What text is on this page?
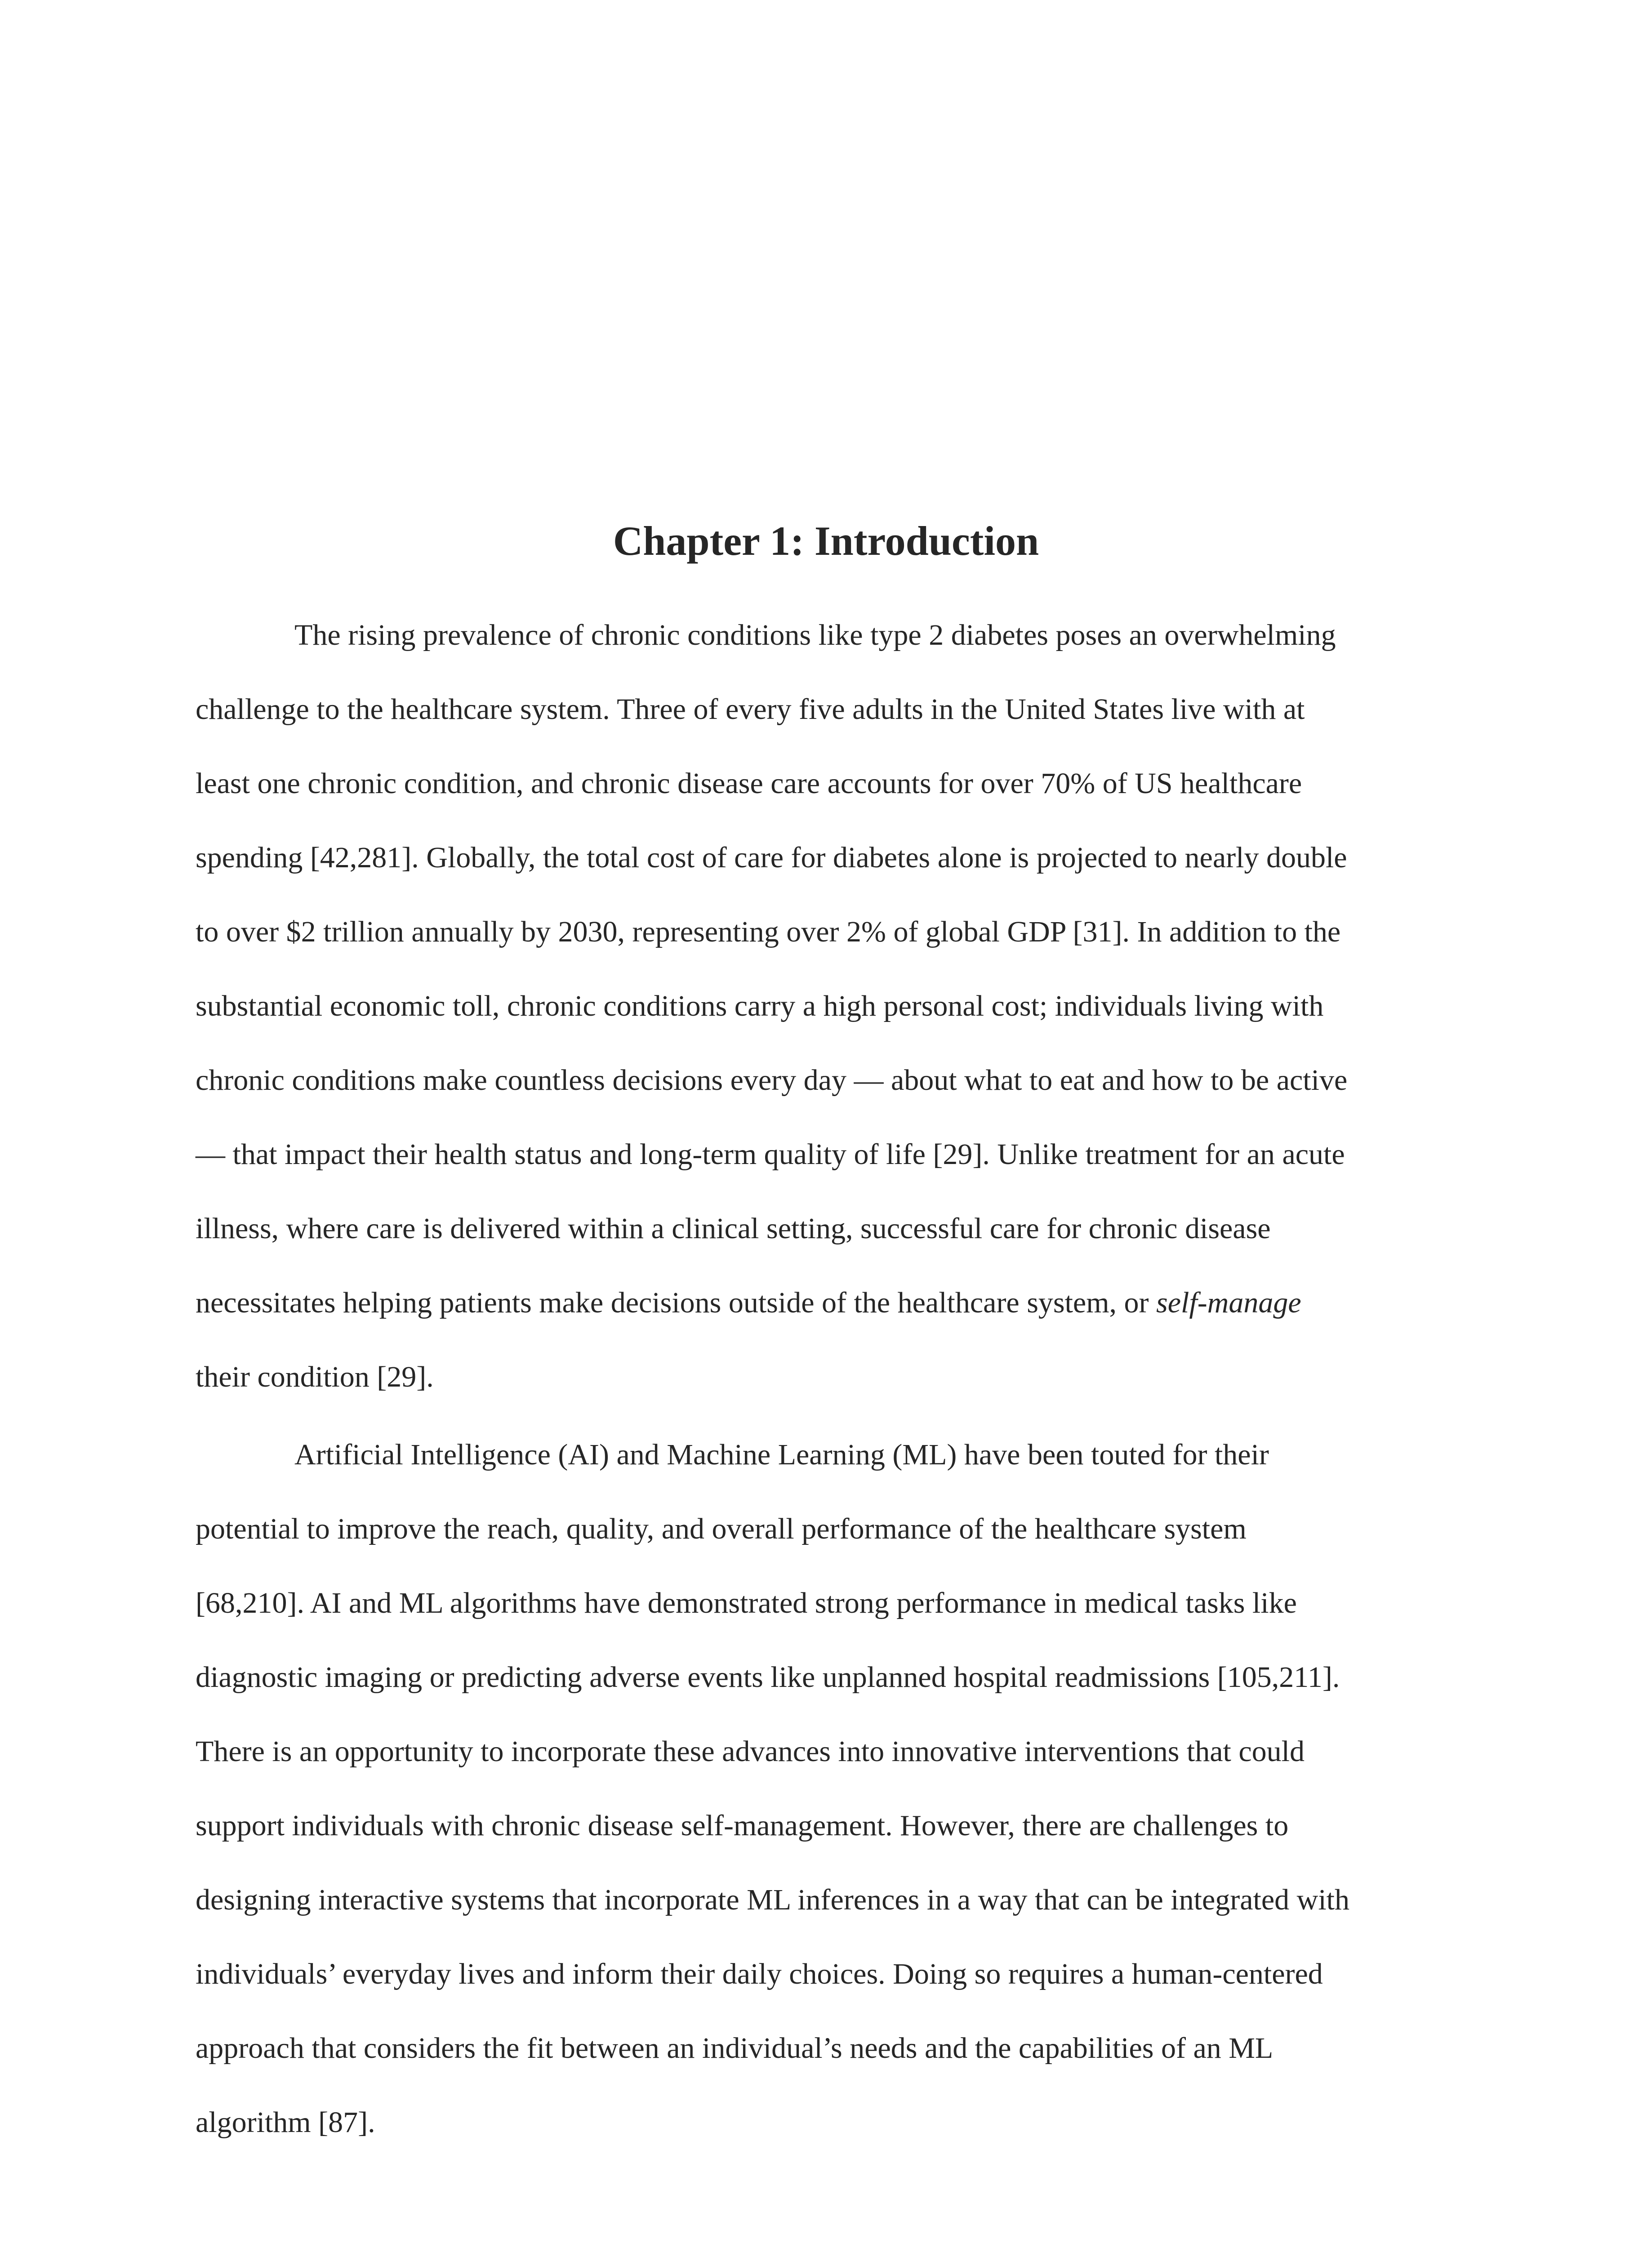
Chapter 1: Introduction
The rising prevalence of chronic conditions like type 2 diabetes poses an overwhelming
challenge to the healthcare system. Three of every five adults in the United States live with at
least one chronic condition, and chronic disease care accounts for over 70% of US healthcare
spending [42,281]. Globally, the total cost of care for diabetes alone is projected to nearly double
to over $2 trillion annually by 2030, representing over 2% of global GDP [31]. In addition to the
substantial economic toll, chronic conditions carry a high personal cost; individuals living with
chronic conditions make countless decisions every day — about what to eat and how to be active
— that impact their health status and long-term quality of life [29]. Unlike treatment for an acute
illness, where care is delivered within a clinical setting, successful care for chronic disease
necessitates helping patients make decisions outside of the healthcare system, or self-manage
their condition [29].
Artificial Intelligence (AI) and Machine Learning (ML) have been touted for their
potential to improve the reach, quality, and overall performance of the healthcare system
[68,210]. AI and ML algorithms have demonstrated strong performance in medical tasks like
diagnostic imaging or predicting adverse events like unplanned hospital readmissions [105,211].
There is an opportunity to incorporate these advances into innovative interventions that could
support individuals with chronic disease self-management. However, there are challenges to
designing interactive systems that incorporate ML inferences in a way that can be integrated with
individuals’ everyday lives and inform their daily choices. Doing so requires a human-centered
approach that considers the fit between an individual’s needs and the capabilities of an ML
algorithm [87].
